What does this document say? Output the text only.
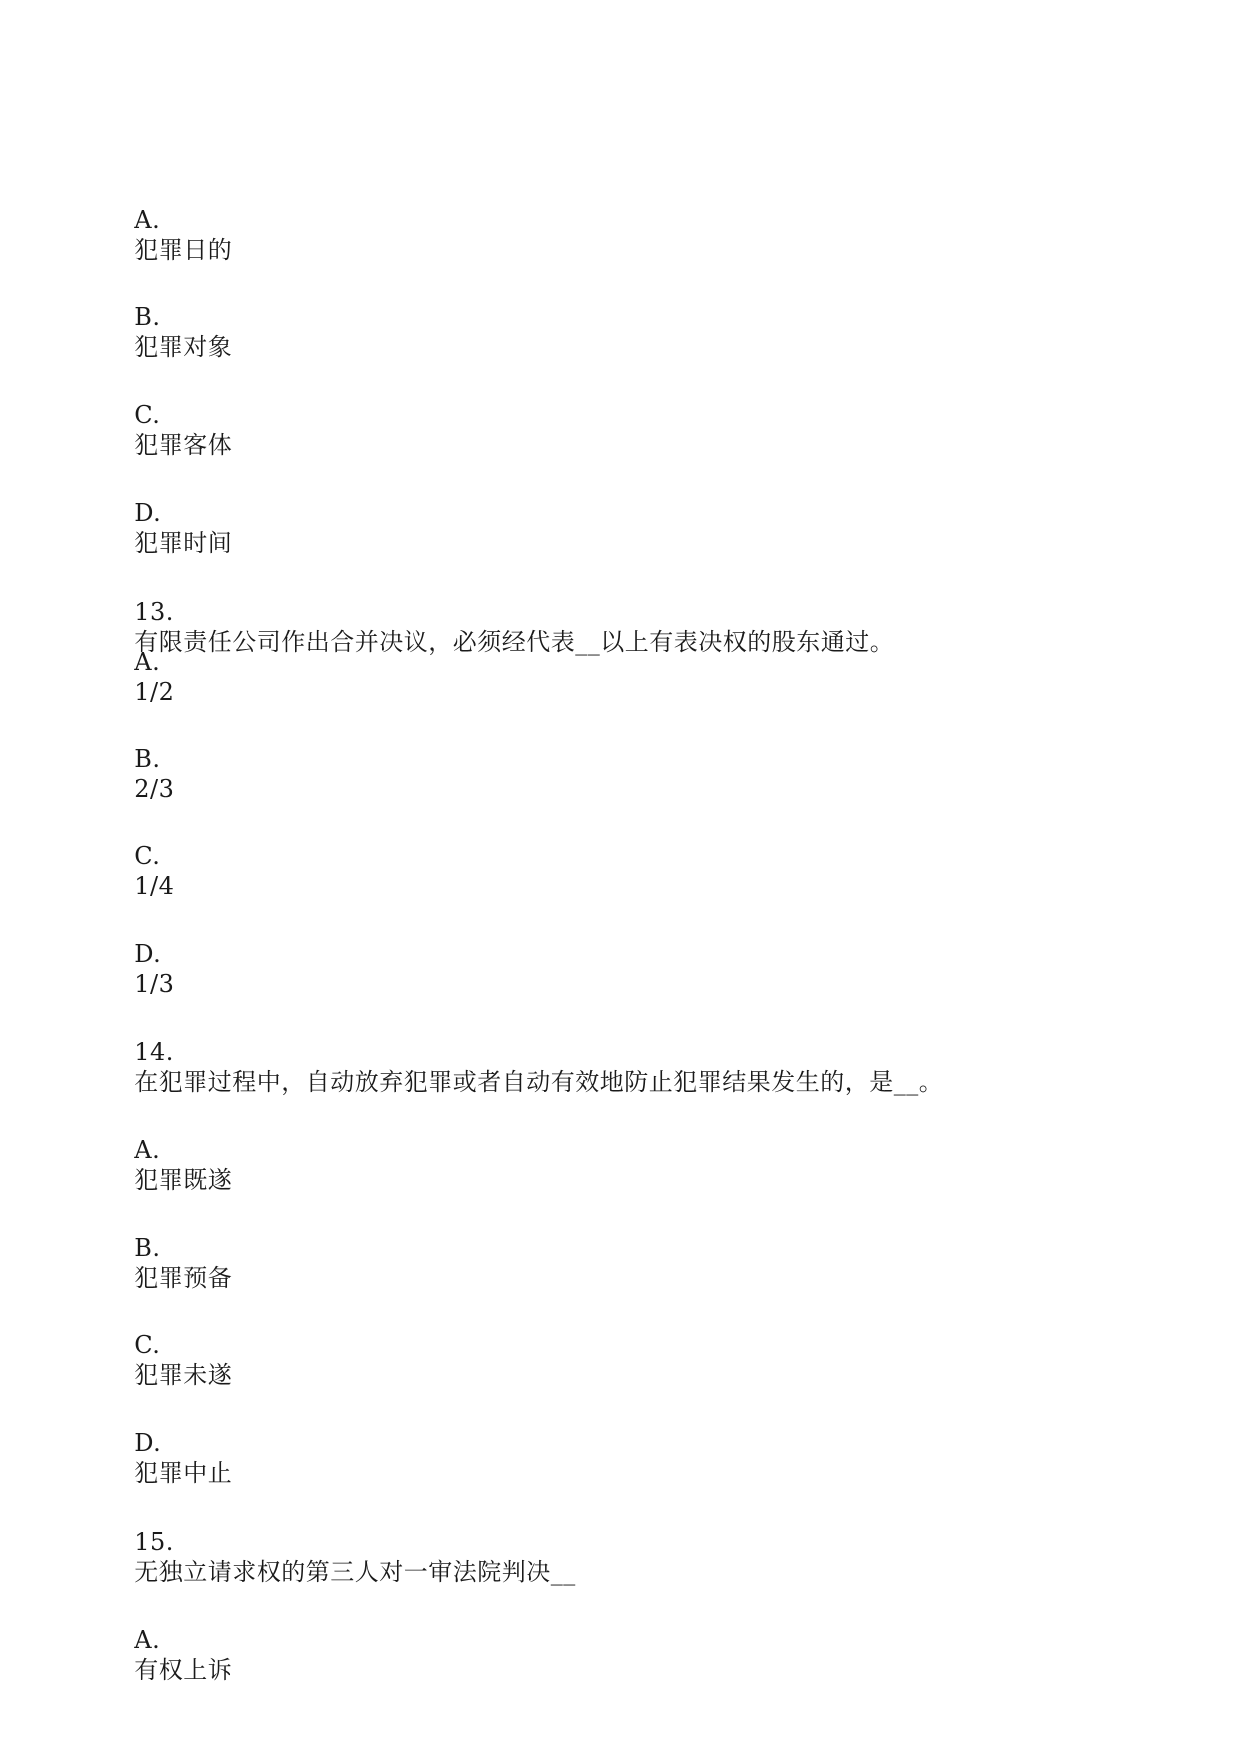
A.
犯罪日的

B.
犯罪对象

C.
犯罪客体

D.
犯罪时间

13.
有限责任公司作出合并决议，必须经代表__以上有表决权的股东通过。

A.
1/2

B.
2/3

C.
1/4

D.
1/3

14.
在犯罪过程中，自动放弃犯罪或者自动有效地防止犯罪结果发生的，是__。

A.
犯罪既遂

B.
犯罪预备

C.
犯罪未遂

D.
犯罪中止

15.
无独立请求权的第三人对一审法院判决__

A.
有权上诉
